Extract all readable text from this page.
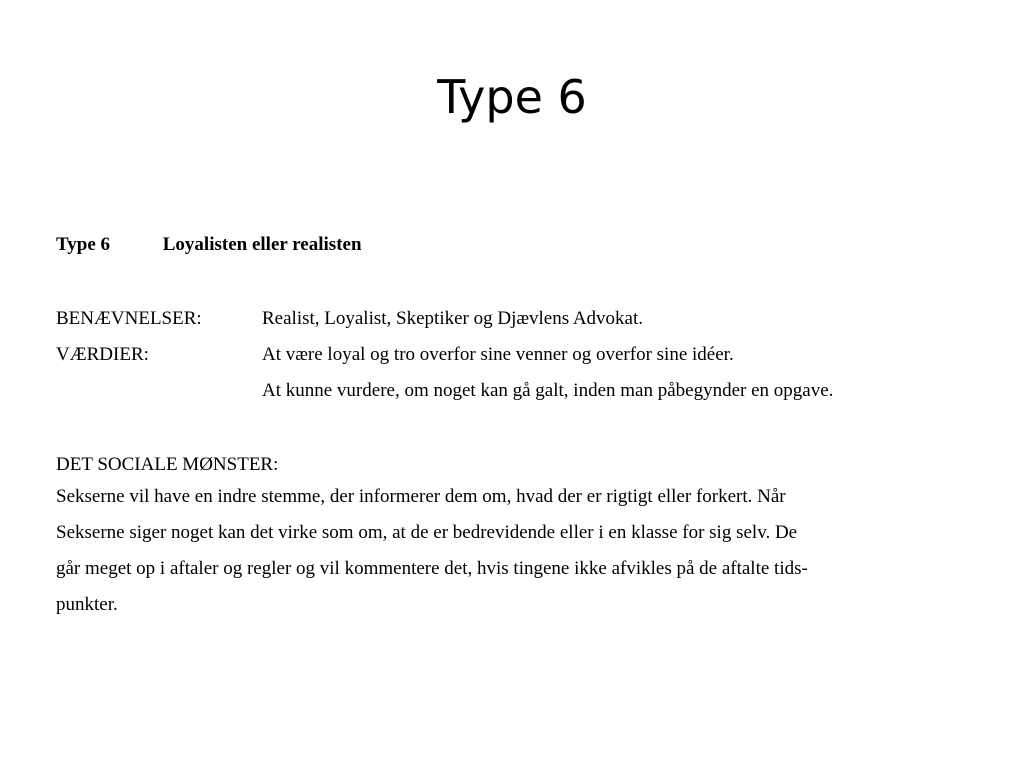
Type 6
Type 6	Loyalisten eller realisten
BENÆVNELSER:	Realist, Loyalist, Skeptiker og Djævlens Advokat.
VÆRDIER:	At være loyal og tro overfor sine venner og overfor sine idéer.
At kunne vurdere, om noget kan gå galt, inden man påbegynder en opgave.
DET SOCIALE MØNSTER:
Sekserne vil have en indre stemme, der informerer dem om, hvad der er rigtigt eller forkert. Når
Sekserne siger noget kan det virke som om, at de er bedrevidende eller i en klasse for sig selv. De
går meget op i aftaler og regler og vil kommentere det, hvis tingene ikke afvikles på de aftalte tids-
punkter.
